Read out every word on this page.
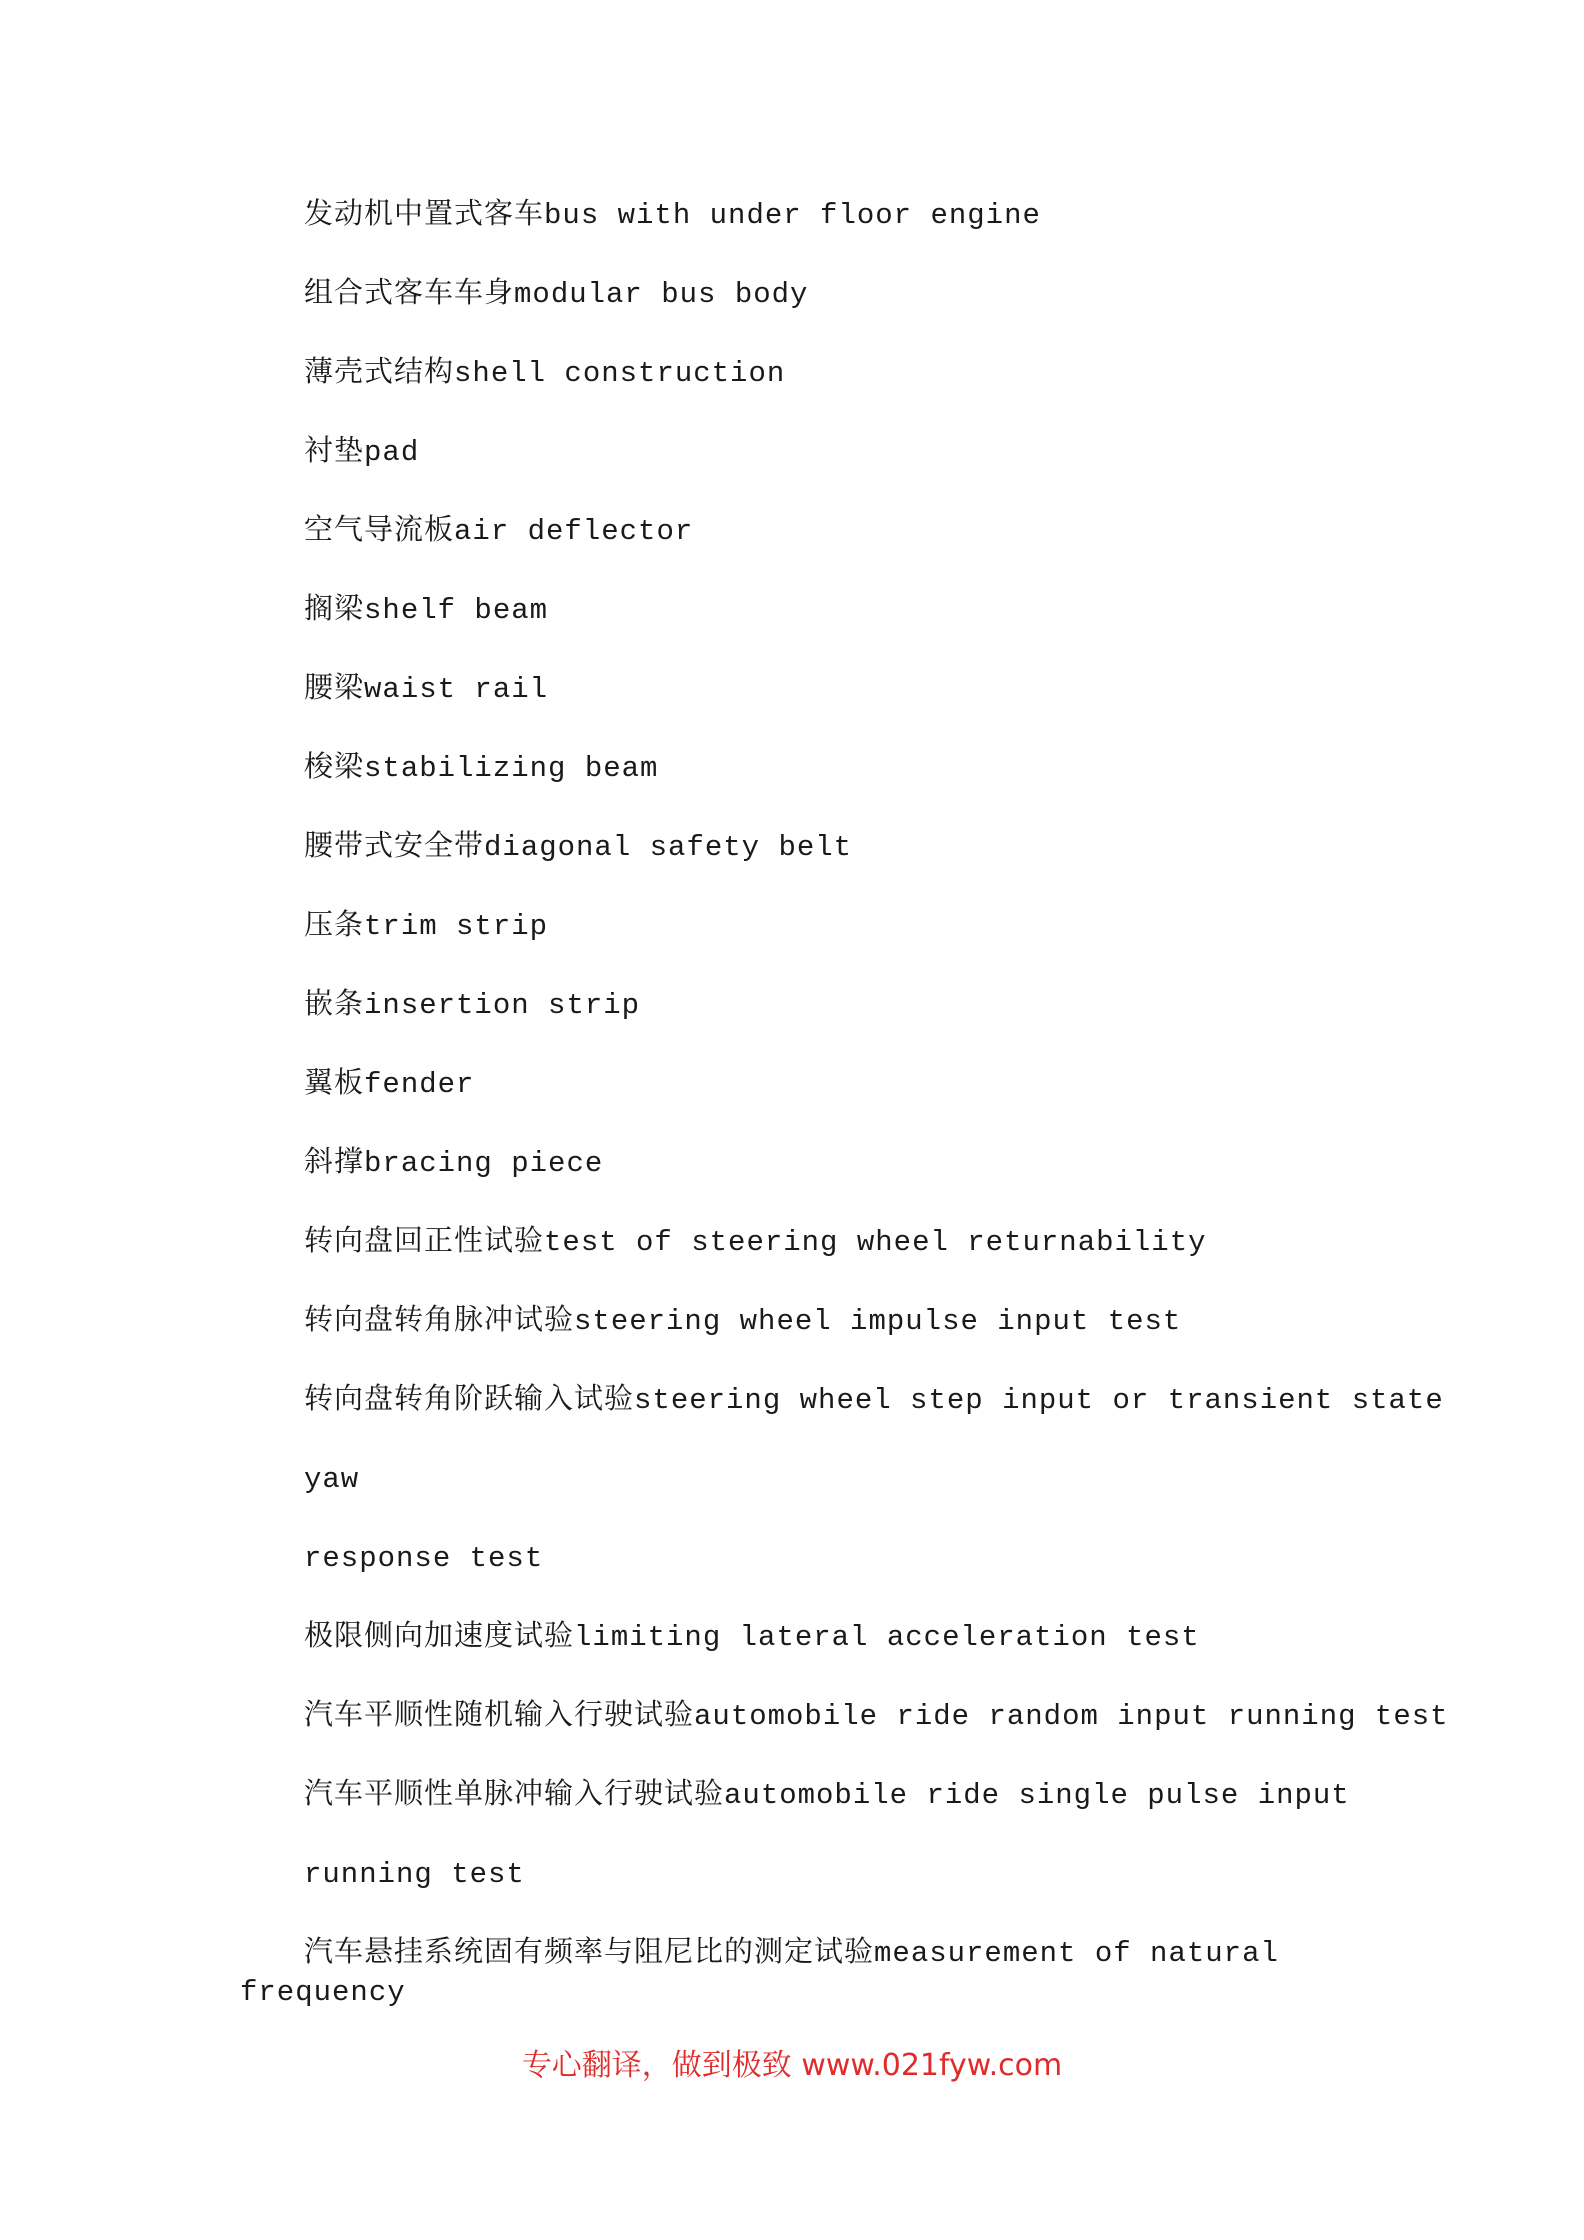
发动机中置式客车bus with under floor engine
组合式客车车身modular bus body
薄壳式结构shell construction
衬垫pad
空气导流板air deflector
搁梁shelf beam
腰梁waist rail
梭梁stabilizing beam
腰带式安全带diagonal safety belt
压条trim strip
嵌条insertion strip
翼板fender
斜撑bracing piece
转向盘回正性试验test of steering wheel returnability
转向盘转角脉冲试验steering wheel impulse input test
转向盘转角阶跃输入试验steering wheel step input or transient state
yaw
response test
极限侧向加速度试验limiting lateral acceleration test
汽车平顺性随机输入行驶试验automobile ride random input running test
汽车平顺性单脉冲输入行驶试验automobile ride single pulse input
running test
汽车悬挂系统固有频率与阻尼比的测定试验measurement of natural
frequency
专心翻译，做到极致 www.021fyw.com
